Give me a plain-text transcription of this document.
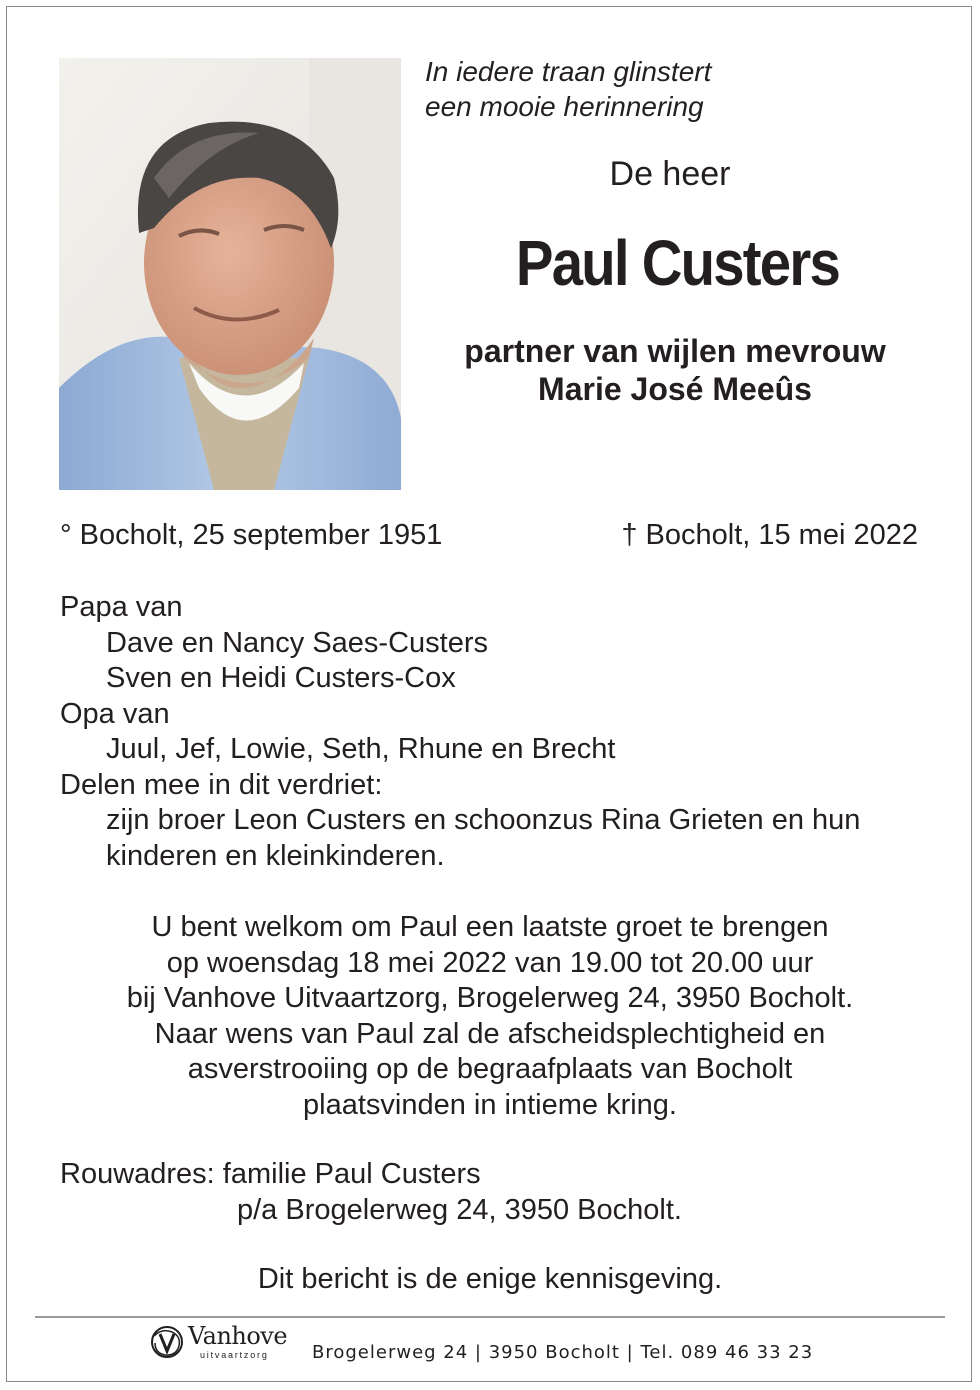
In iedere traan glinstert
een mooie herinnering
De heer
Paul Custers
partner van wijlen mevrouw
Marie José Meeûs
° Bocholt, 25 september 1951	† Bocholt, 15 mei 2022
Papa van
Dave en Nancy Saes-Custers
Sven en Heidi Custers-Cox
Opa van
Juul, Jef, Lowie, Seth, Rhune en Brecht
Delen mee in dit verdriet:
zijn broer Leon Custers en schoonzus Rina Grieten en hun
kinderen en kleinkinderen.
U bent welkom om Paul een laatste groet te brengen
op woensdag 18 mei 2022 van 19.00 tot 20.00 uur
bij Vanhove Uitvaartzorg, Brogelerweg 24, 3950 Bocholt.
Naar wens van Paul zal de afscheidsplechtigheid en
asverstrooiing op de begraafplaats van Bocholt
plaatsvinden in intieme kring.
Rouwadres: familie Paul Custers
p/a Brogelerweg 24, 3950 Bocholt.
Dit bericht is de enige kennisgeving.
Vanhove
uitvaartzorg Brogelerweg 24 | 3950 Bocholt | Tel. 089 46 33 23
